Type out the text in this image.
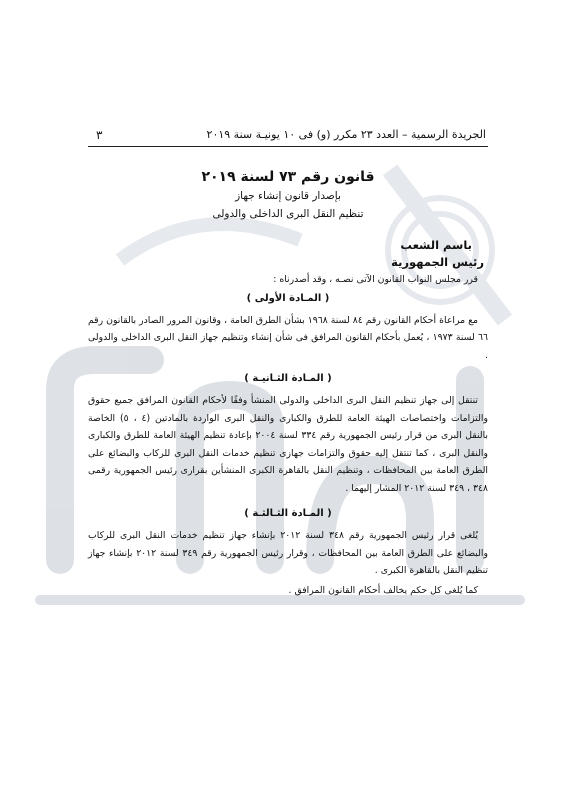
الجريدة الرسمية – العدد ٢٣ مكرر (و) فى ١٠ يونيـة سنة ٢٠١٩
٣
قانون رقم ٧٣ لسنة ٢٠١٩
بإصدار قانون إنشاء جهاز
تنظيم النقل البرى الداخلى والدولى
باسم الشعب
رئيس الجمهورية

قرر مجلس النواب القانون الآتى نصـه ، وقد أصدرناه :

( المـادة الأولى )

مع مراعاة أحكام القانون رقم ٨٤ لسنة ١٩٦٨ بشأن الطرق العامة ، وقانون المرور الصادر بالقانون رقم ٦٦ لسنة ١٩٧٣ ، يُعمل بأحكام القانون المرافق فى شأن إنشاء وتنظيم جهاز النقل البرى الداخلى والدولى .

( المـادة الثـانيـة )

تنتقل إلى جهاز تنظيم النقل البرى الداخلى والدولى المنشأ وفقًا لأحكام القانون المرافق جميع حقوق والتزامات واختصاصات الهيئة العامة للطرق والكبارى والنقل البرى الواردة بالمادتين (٤ ، ٥) الخاصة بالنقل البرى من قرار رئيس الجمهورية رقم ٣٣٤ لسنة ٢٠٠٤ بإعادة تنظيم الهيئة العامة للطرق والكبارى والنقل البرى ، كما تنتقل إليه حقوق والتزامات جهازى تنظيم خدمات النقل البرى للركاب والبضائع على الطرق العامة بين المحافظات ، وتنظيم النقل بالقاهرة الكبرى المنشأين بقرارى رئيس الجمهورية رقمى ٣٤٨ ، ٣٤٩ لسنة ٢٠١٢ المشار إليهما .

( المـادة الثـالثـة )

يُلغى قرار رئيس الجمهورية رقم ٣٤٨ لسنة ٢٠١٢ بإنشاء جهاز تنظيم خدمات النقل البرى للركاب والبضائع على الطرق العامة بين المحافظات ، وقرار رئيس الجمهورية رقم ٣٤٩ لسنة ٢٠١٢ بإنشاء جهاز تنظيم النقل بالقاهرة الكبرى .

كما يُلغى كل حكم يخالف أحكام القانون المرافق .
